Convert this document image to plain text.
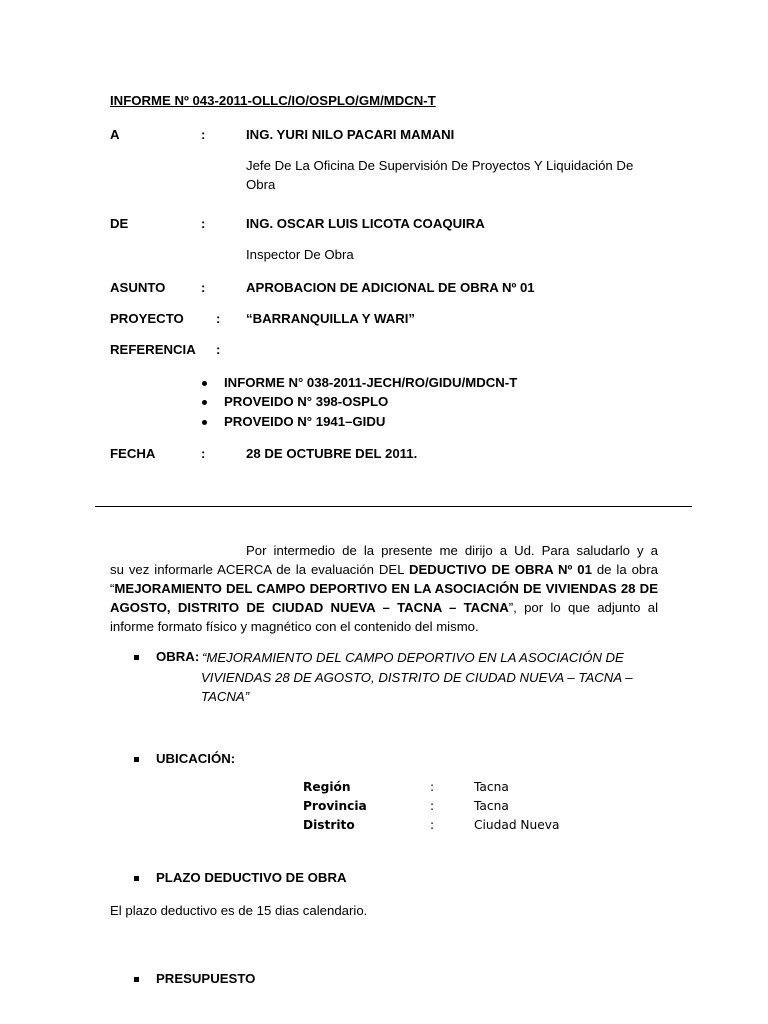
INFORME Nº 043-2011-OLLC/IO/OSPLO/GM/MDCN-T
A	:	ING. YURI NILO PACARI MAMANI
Jefe De La Oficina De Supervisión De Proyectos Y Liquidación De
Obra
DE	:	ING. OSCAR LUIS LICOTA COAQUIRA
Inspector De Obra
ASUNTO	:	APROBACION DE ADICIONAL DE OBRA Nº 01
PROYECTO : “BARRANQUILLA Y WARI”
REFERENCIA :
INFORME N° 038-2011-JECH/RO/GIDU/MDCN-T
PROVEIDO N° 398-OSPLO
PROVEIDO N° 1941–GIDU
FECHA	:	28 DE OCTUBRE DEL 2011.
Por intermedio de la presente me dirijo a Ud. Para saludarlo y a
su vez informarle ACERCA de la evaluación DEL DEDUCTIVO DE OBRA Nº 01 de la obra
“MEJORAMIENTO DEL CAMPO DEPORTIVO EN LA ASOCIACIÓN DE VIVIENDAS 28 DE
AGOSTO, DISTRITO DE CIUDAD NUEVA – TACNA – TACNA”, por lo que adjunto al
informe formato físico y magnético con el contenido del mismo.
OBRA: “MEJORAMIENTO DEL CAMPO DEPORTIVO EN LA ASOCIACIÓN DE
VIVIENDAS 28 DE AGOSTO, DISTRITO DE CIUDAD NUEVA – TACNA –
TACNA”
UBICACIÓN:
Región	:	Tacna
Provincia	:	Tacna
Distrito	:	Ciudad Nueva
PLAZO DEDUCTIVO DE OBRA
El plazo deductivo es de 15 dias calendario.
PRESUPUESTO
